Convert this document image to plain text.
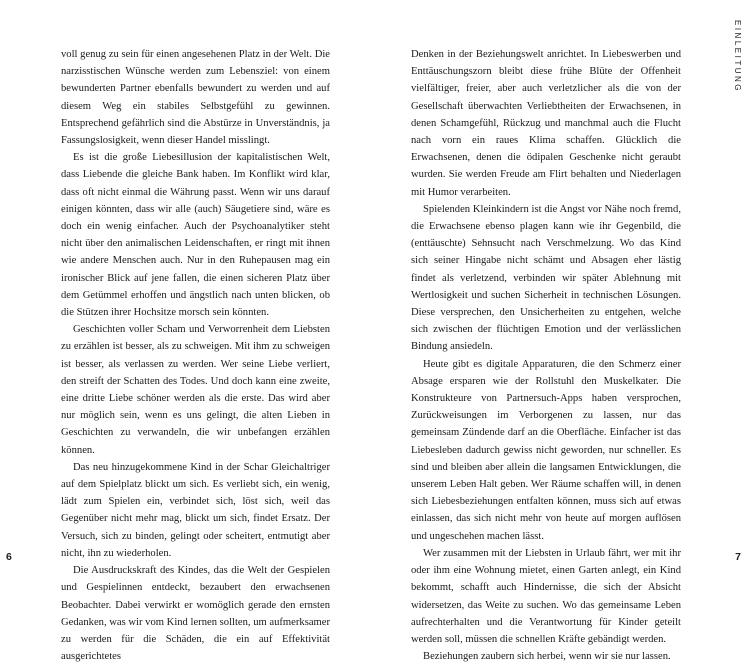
voll genug zu sein für einen angesehenen Platz in der Welt. Die narzisstischen Wünsche werden zum Lebensziel: von einem bewunderten Partner ebenfalls bewundert zu werden und auf diesem Weg ein stabiles Selbstgefühl zu gewinnen. Entsprechend gefährlich sind die Abstürze in Unverständnis, ja Fassungslosigkeit, wenn dieser Handel misslingt.

Es ist die große Liebesillusion der kapitalistischen Welt, dass Liebende die gleiche Bank haben. Im Konflikt wird klar, dass oft nicht einmal die Währung passt. Wenn wir uns darauf einigen könnten, dass wir alle (auch) Säugetiere sind, wäre es doch ein wenig einfacher. Auch der Psychoanalytiker steht nicht über den animalischen Leidenschaften, er ringt mit ihnen wie andere Menschen auch. Nur in den Ruhepausen mag ein ironischer Blick auf jene fallen, die einen sicheren Platz über dem Getümmel erhoffen und ängstlich nach unten blicken, ob die Stützen ihrer Hochsitze morsch sein könnten.

Geschichten voller Scham und Verworrenheit dem Liebsten zu erzählen ist besser, als zu schweigen. Mit ihm zu schweigen ist besser, als verlassen zu werden. Wer seine Liebe verliert, den streift der Schatten des Todes. Und doch kann eine zweite, eine dritte Liebe schöner werden als die erste. Das wird aber nur möglich sein, wenn es uns gelingt, die alten Lieben in Geschichten zu verwandeln, die wir unbefangen erzählen können.

Das neu hinzugekommene Kind in der Schar Gleichaltriger auf dem Spielplatz blickt um sich. Es verliebt sich, ein wenig, lädt zum Spielen ein, verbindet sich, löst sich, weil das Gegenüber nicht mehr mag, blickt um sich, findet Ersatz. Der Versuch, sich zu binden, gelingt oder scheitert, entmutigt aber nicht, ihn zu wiederholen.

Die Ausdruckskraft des Kindes, das die Welt der Gespielen und Gespielinnen entdeckt, bezaubert den erwachsenen Beobachter. Dabei verwirkt er womöglich gerade den ernsten Gedanken, was wir vom Kind lernen sollten, um aufmerksamer zu werden für die Schäden, die ein auf Effektivität ausgerichtetes

6

Denken in der Beziehungswelt anrichtet. In Liebeswerben und Enttäuschungszorn bleibt diese frühe Blüte der Offenheit vielfältiger, freier, aber auch verletzlicher als die von der Gesellschaft überwachten Verliebtheiten der Erwachsenen, in denen Schamgefühl, Rückzug und manchmal auch die Flucht nach vorn ein raues Klima schaffen. Glücklich die Erwachsenen, denen die ödipalen Geschenke nicht geraubt wurden. Sie werden Freude am Flirt behalten und Niederlagen mit Humor verarbeiten.

Spielenden Kleinkindern ist die Angst vor Nähe noch fremd, die Erwachsene ebenso plagen kann wie ihr Gegenbild, die (enttäuschte) Sehnsucht nach Verschmelzung. Wo das Kind sich seiner Hingabe nicht schämt und Absagen eher lästig findet als verletzend, verbinden wir später Ablehnung mit Wertlosigkeit und suchen Sicherheit in technischen Lösungen. Diese versprechen, den Unsicherheiten zu entgehen, welche sich zwischen der flüchtigen Emotion und der verlässlichen Bindung ansiedeln.

Heute gibt es digitale Apparaturen, die den Schmerz einer Absage ersparen wie der Rollstuhl den Muskelkater. Die Konstrukteure von Partnersuch-Apps haben versprochen, Zurückweisungen im Verborgenen zu lassen, nur das gemeinsam Zündende darf an die Oberfläche. Einfacher ist das Liebesleben dadurch gewiss nicht geworden, nur schneller. Es sind und bleiben aber allein die langsamen Entwicklungen, die unserem Leben Halt geben. Wer Räume schaffen will, in denen sich Liebesbeziehungen entfalten können, muss sich auf etwas einlassen, das sich nicht mehr von heute auf morgen auflösen und ungeschehen machen lässt.

Wer zusammen mit der Liebsten in Urlaub fährt, wer mit ihr oder ihm eine Wohnung mietet, einen Garten anlegt, ein Kind bekommt, schafft auch Hindernisse, die sich der Absicht widersetzen, das Weite zu suchen. Wo das gemeinsame Leben aufrechterhalten und die Verantwortung für Kinder geteilt werden soll, müssen die schnellen Kräfte gebändigt werden.

Beziehungen zaubern sich herbei, wenn wir sie nur lassen.

7
EINLEITUNG
